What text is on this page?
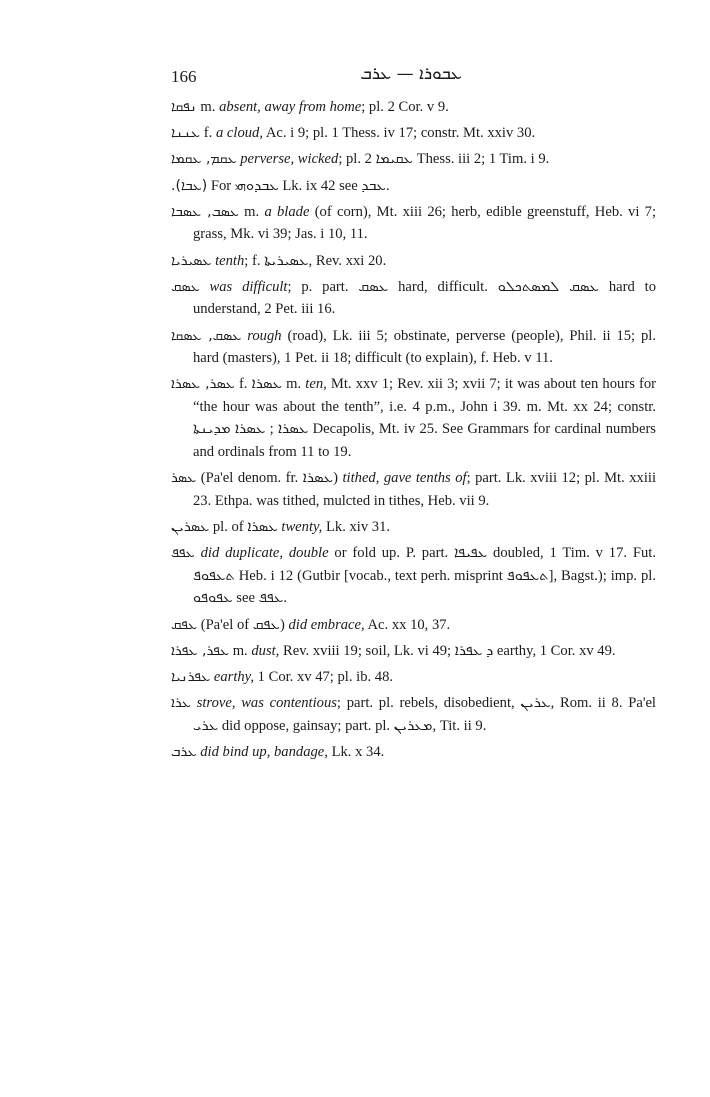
166	ܥܒܘܪܐ — ܥܪܒ

ܢܦܩܐ m. absent, away from home; pl. 2 Cor. v 9.

ܥܢܢܐ f. a cloud, Ac. i 9; pl. 1 Thess. iv 17; constr. Mt. xxiv 30.

ܥܩܡ, ܥܩܡܐ perverse, wicked; pl. ܥܩܝܡܐ 2 Thess. iii 2; 1 Tim. i 9.

(ܥܒܐ). For ܥܒܕܘܗܝ Lk. ix 42 see ܥܒܕ.

ܥܣܒ, ܥܣܒܐ m. a blade (of corn), Mt. xiii 26; herb, edible greenstuff, Heb. vi 7; grass, Mk. vi 39; Jas. i 10, 11.

ܥܣܝܪܝܐ tenth; f. ܥܣܝܪܝܬܐ, Rev. xxi 20.

ܥܣܩ was difficult; p. part. ܥܣܩ hard, difficult. ܥܣܩ ܠܡܣܬܟܠܘ hard to understand, 2 Pet. iii 16.

ܥܣܩ, ܥܣܩܐ rough (road), Lk. iii 5; obstinate, perverse (people), Phil. ii 15; pl. hard (masters), 1 Pet. ii 18; difficult (to explain), f. Heb. v 11.

ܥܣܪ, ܥܣܪܐ f. ܥܣܪܐ m. ten, Mt. xxv 1; Rev. xii 3; xvii 7; it was about ten hours for “the hour was about the tenth”, i.e. 4 p.m., John i 39. m. Mt. xx 24; constr. ܥܣܪܐ ; ܥܣܪܐ ܡܕܝܢܬܐ Decapolis, Mt. iv 25. See Grammars for cardinal numbers and ordinals from 11 to 19.

ܥܣܪ (Pa'el denom. fr. ܥܣܪܐ) tithed, gave tenths of; part. Lk. xviii 12; pl. Mt. xxiii 23. Ethpa. was tithed, mulcted in tithes, Heb. vii 9.

ܥܣܪܝܢ pl. of ܥܣܪܐ twenty, Lk. xiv 31.

ܥܦܦ did duplicate, double or fold up. P. part. ܥܦܝܦܐ doubled, 1 Tim. v 17. Fut. ܬܥܦܘܦ Heb. i 12 (Gutbir [vocab., text perh. misprint ܬܥܦܘܦ], Bagst.); imp. pl. ܥܦܘܦܘ see ܥܦܦ.

ܥܦܩ (Pa'el of ܥܦܩ) did embrace, Ac. xx 10, 37.

ܥܦܪ, ܥܦܪܐ m. dust, Rev. xviii 19; soil, Lk. vi 49; ܕ ܥܦܪܐ earthy, 1 Cor. xv 49.

ܥܦܪܢܝܐ earthy, 1 Cor. xv 47; pl. ib. 48.

ܥܪܐ strove, was contentious; part. pl. rebels, disobedient, ܥܪܝܢ, Rom. ii 8. Pa'el ܥܪܝ did oppose, gainsay; part. pl. ܡܥܪܝܢ, Tit. ii 9.

ܥܪܒ did bind up, bandage, Lk. x 34.
